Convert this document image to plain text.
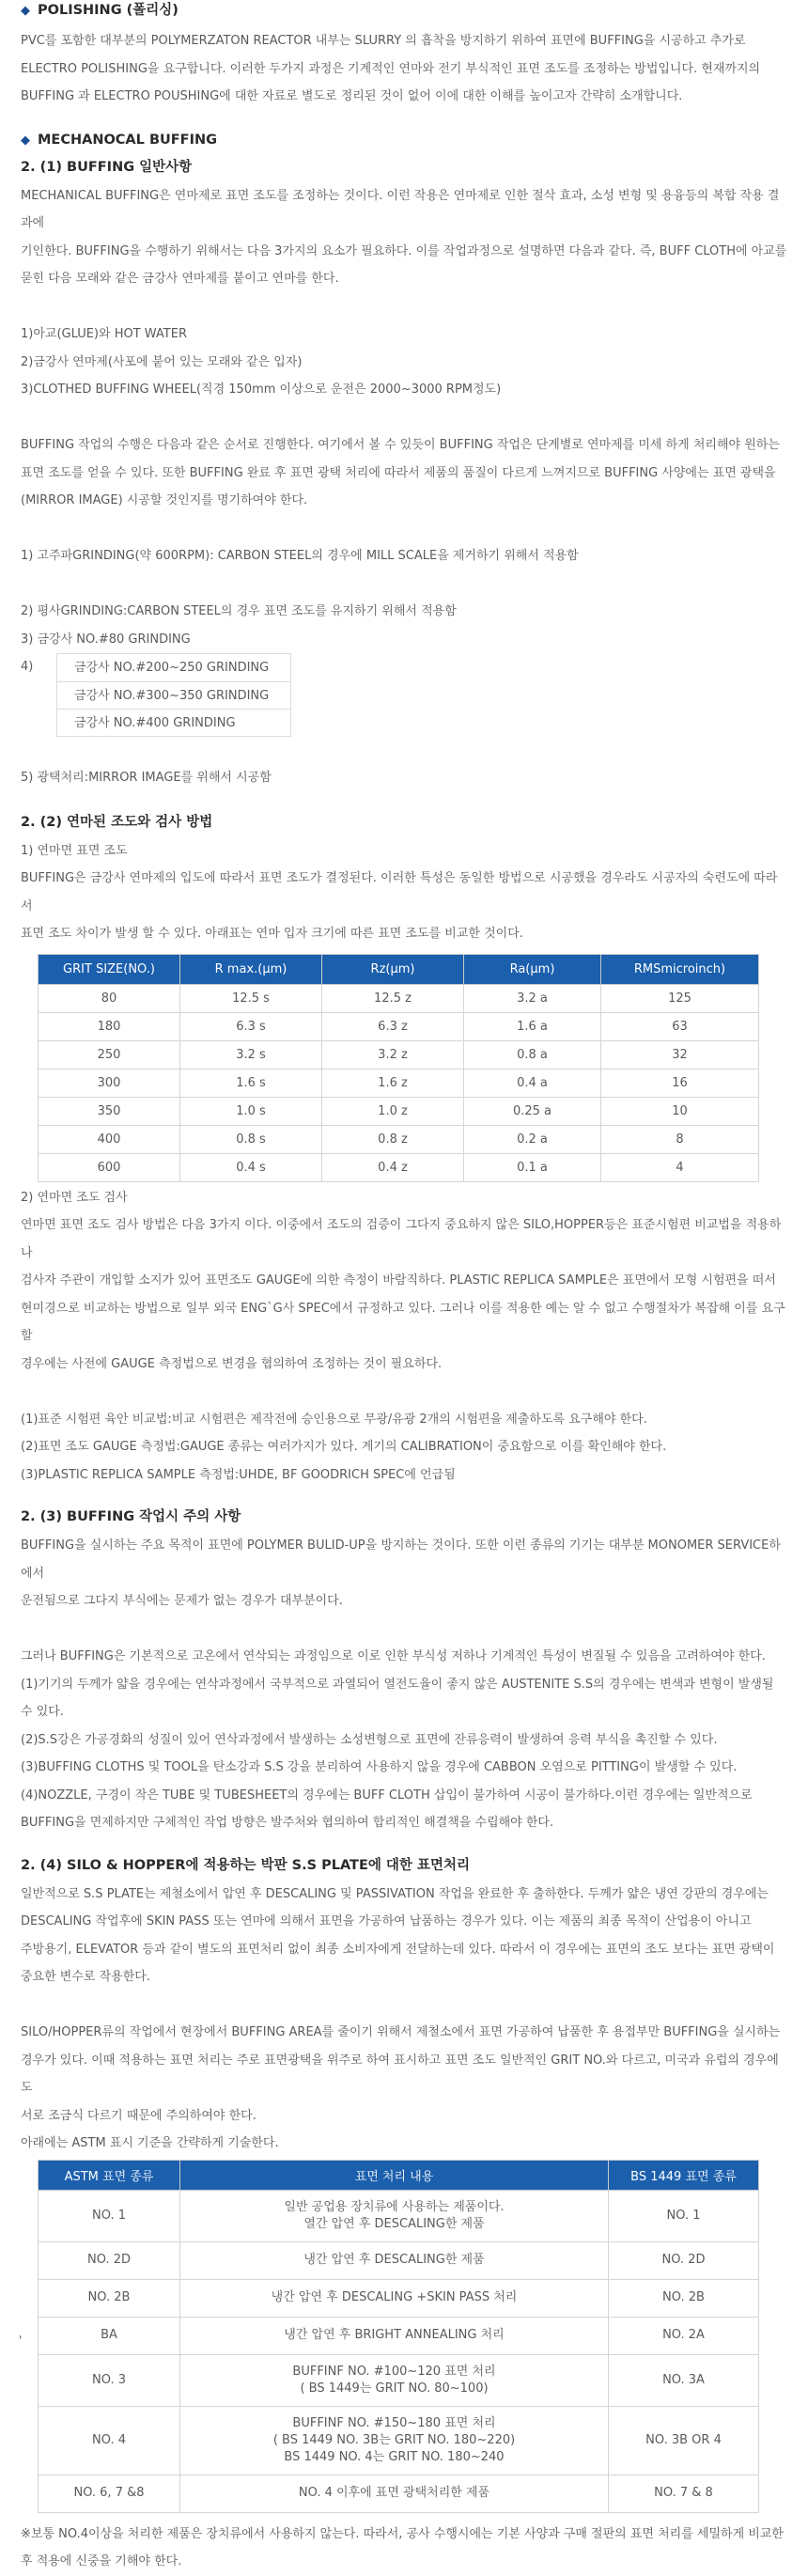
◆ POLISHING (폴리싱)

PVC를 포함한 대부분의 POLYMERZATON REACTOR 내부는 SLURRY 의 흡착을 방지하기 위하여 표면에 BUFFING을 시공하고 추가로

ELECTRO POLISHING을 요구합니다. 이러한 두가지 과정은 기계적인 연마와 전기 부식적인 표면 조도를 조정하는 방법입니다. 현재까지의

BUFFING 과 ELECTRO POUSHING에 대한 자료로 별도로 정리된 것이 없어 이에 대한 이해를 높이고자 간략히 소개합니다.

◆ MECHANOCAL BUFFING
2. (1) BUFFING 일반사항

MECHANICAL BUFFING은 연마제로 표면 조도를 조정하는 것이다. 이런 작용은 연마제로 인한 절삭 효과, 소성 변형 및 용융등의 복합 작용 결과에

기인한다. BUFFING을 수행하기 위해서는 다음 3가지의 요소가 필요하다. 이를 작업과정으로 설명하면 다음과 같다. 즉, BUFF CLOTH에 아교를

묻힌 다음 모래와 같은 금강사 연마제를 붙이고 연마를 한다.

1)아교(GLUE)와 HOT WATER

2)금강사 연마제(사포에 붙어 있는 모래와 같은 입자)

3)CLOTHED BUFFING WHEEL(직경 150mm 이상으로 운전은 2000~3000 RPM정도)

BUFFING 작업의 수행은 다음과 같은 순서로 진행한다. 여기에서 볼 수 있듯이 BUFFING 작업은 단계별로 연마제를 미세 하게 처리해야 원하는

표면 조도를 얻을 수 있다. 또한 BUFFING 완료 후 표면 광택 처리에 따라서 제품의 품질이 다르게 느껴지므로 BUFFING 사양에는 표면 광택을

(MIRROR IMAGE) 시공할 것인지를 명기하여야 한다.

1) 고주파GRINDING(약 600RPM): CARBON STEEL의 경우에 MILL SCALE을 제거하기 위해서 적용함

2) 평사GRINDING:CARBON STEEL의 경우 표면 조도를 유지하기 위해서 적용함

3) 금강사 NO.#80 GRINDING

4)	금강사 NO.#200~250 GRINDING
금강사 NO.#300~350 GRINDING
금강사 NO.#400 GRINDING

5) 광택처리:MIRROR IMAGE를 위해서 시공함

2. (2) 연마된 조도와 검사 방법

1) 연마면 표면 조도

BUFFING은 금강사 연마제의 입도에 따라서 표면 조도가 결정된다. 이러한 특성은 동일한 방법으로 시공했을 경우라도 시공자의 숙련도에 따라서

표면 조도 차이가 발생 할 수 있다. 아래표는 연마 입자 크기에 따른 표면 조도를 비교한 것이다.

GRIT SIZE(NO.)	R max.(μm)	Rz(μm)	Ra(μm)	RMSmicroinch)
80	12.5 s	12.5 z	3.2 a	125
180	6.3 s	6.3 z	1.6 a	63
250	3.2 s	3.2 z	0.8 a	32
300	1.6 s	1.6 z	0.4 a	16
350	1.0 s	1.0 z	0.25 a	10
400	0.8 s	0.8 z	0.2 a	8
600	0.4 s	0.4 z	0.1 a	4

2) 연마면 조도 검사

연마면 표면 조도 검사 방법은 다음 3가지 이다. 이중에서 조도의 검증이 그다지 중요하지 않은 SILO,HOPPER등은 표준시험편 비교법을 적용하나

검사자 주관이 개입할 소지가 있어 표면조도 GAUGE에 의한 측정이 바람직하다. PLASTIC REPLICA SAMPLE은 표면에서 모형 시험편을 떠서

현미경으로 비교하는 방법으로 일부 외국 ENG`G사 SPEC에서 규정하고 있다. 그러나 이를 적용한 예는 알 수 없고 수행절차가 복잡해 이를 요구할

경우에는 사전에 GAUGE 측정법으로 변경을 협의하여 조정하는 것이 필요하다.

(1)표준 시험편 육안 비교법:비교 시험편은 제작전에 승인용으로 무광/유광 2개의 시험편을 제출하도록 요구해야 한다.

(2)표면 조도 GAUGE 측정법:GAUGE 종류는 여러가지가 있다. 계기의 CALIBRATION이 중요함으로 이를 확인해야 한다.

(3)PLASTIC REPLICA SAMPLE 측정법:UHDE, BF GOODRICH SPEC에 언급됨

2. (3) BUFFING 작업시 주의 사항

BUFFING을 실시하는 주요 목적이 표면에 POLYMER BULID-UP을 방지하는 것이다. 또한 이런 종류의 기기는 대부분 MONOMER SERVICE하에서

운전됨으로 그다지 부식에는 문제가 없는 경우가 대부분이다.

그러나 BUFFING은 기본적으로 고온에서 연삭되는 과정임으로 이로 인한 부식성 저하나 기계적인 특성이 변질될 수 있음을 고려하여야 한다.

(1)기기의 두께가 얇을 경우에는 연삭과정에서 국부적으로 과열되어 열전도율이 좋지 않은 AUSTENITE S.S의 경우에는 변색과 변형이 발생될 수 있다.

(2)S.S강은 가공경화의 성질이 있어 연삭과정에서 발생하는 소성변형으로 표면에 잔류응력이 발생하여 응력 부식을 촉진할 수 있다.

(3)BUFFING CLOTHS 및 TOOL을 탄소강과 S.S 강을 분리하여 사용하지 않을 경우에 CABBON 오염으로 PITTING이 발생할 수 있다.

(4)NOZZLE, 구경이 작은 TUBE 및 TUBESHEET의 경우에는 BUFF CLOTH 삽입이 불가하여 시공이 불가하다.이런 경우에는 일반적으로

BUFFING을 면제하지만 구체적인 작업 방향은 발주처와 협의하여 합리적인 해결책을 수립해야 한다.

2. (4) SILO & HOPPER에 적용하는 박판 S.S PLATE에 대한 표면처리

일반적으로 S.S PLATE는 제철소에서 압연 후 DESCALING 및 PASSIVATION 작업을 완료한 후 출하한다. 두께가 얇은 냉연 강판의 경우에는

DESCALING 작업후에 SKIN PASS 또는 연마에 의해서 표면을 가공하여 납품하는 경우가 있다. 이는 제품의 최종 목적이 산업용이 아니고

주방용기, ELEVATOR 등과 같이 별도의 표면처리 없이 최종 소비자에게 전달하는데 있다. 따라서 이 경우에는 표면의 조도 보다는 표면 광택이

중요한 변수로 작용한다.

SILO/HOPPER류의 작업에서 현장에서 BUFFING AREA를 줄이기 위해서 제철소에서 표면 가공하여 납품한 후 용접부만 BUFFING을 실시하는

경우가 있다. 이때 적용하는 표면 처리는 주로 표면광택을 위주로 하여 표시하고 표면 조도 일반적인 GRIT NO.와 다르고, 미국과 유럽의 경우에도

서로 조금식 다르기 때문에 주의하여야 한다.

아래에는 ASTM 표시 기준을 간략하게 기술한다.

'
ASTM 표면 종류	표면 처리 내용	BS 1449 표면 종류
NO. 1	일반 공업용 장치류에 사용하는 제품이다.
열간 압연 후 DESCALING한 제품	NO. 1
NO. 2D	냉간 압연 후 DESCALING한 제품	NO. 2D
NO. 2B	냉간 압연 후 DESCALING +SKIN PASS 처리	NO. 2B
BA	냉간 압연 후 BRIGHT ANNEALING 처리	NO. 2A
NO. 3	BUFFINF NO. #100~120 표면 처리
( BS 1449는 GRIT NO. 80~100)	NO. 3A
NO. 4	BUFFINF NO. #150~180 표면 처리
( BS 1449 NO. 3B는 GRIT NO. 180~220)
BS 1449 NO. 4는 GRIT NO. 180~240	NO. 3B OR 4
NO. 6, 7 &8	NO. 4 이후에 표면 광택처리한 제품	NO. 7 & 8

※보통 NO.4이상을 처리한 제품은 장치류에서 사용하지 않는다. 따라서, 공사 수행시에는 기본 사양과 구매 절판의 표면 처리를 세밀하게 비교한

후 적용에 신중을 기해야 한다.
